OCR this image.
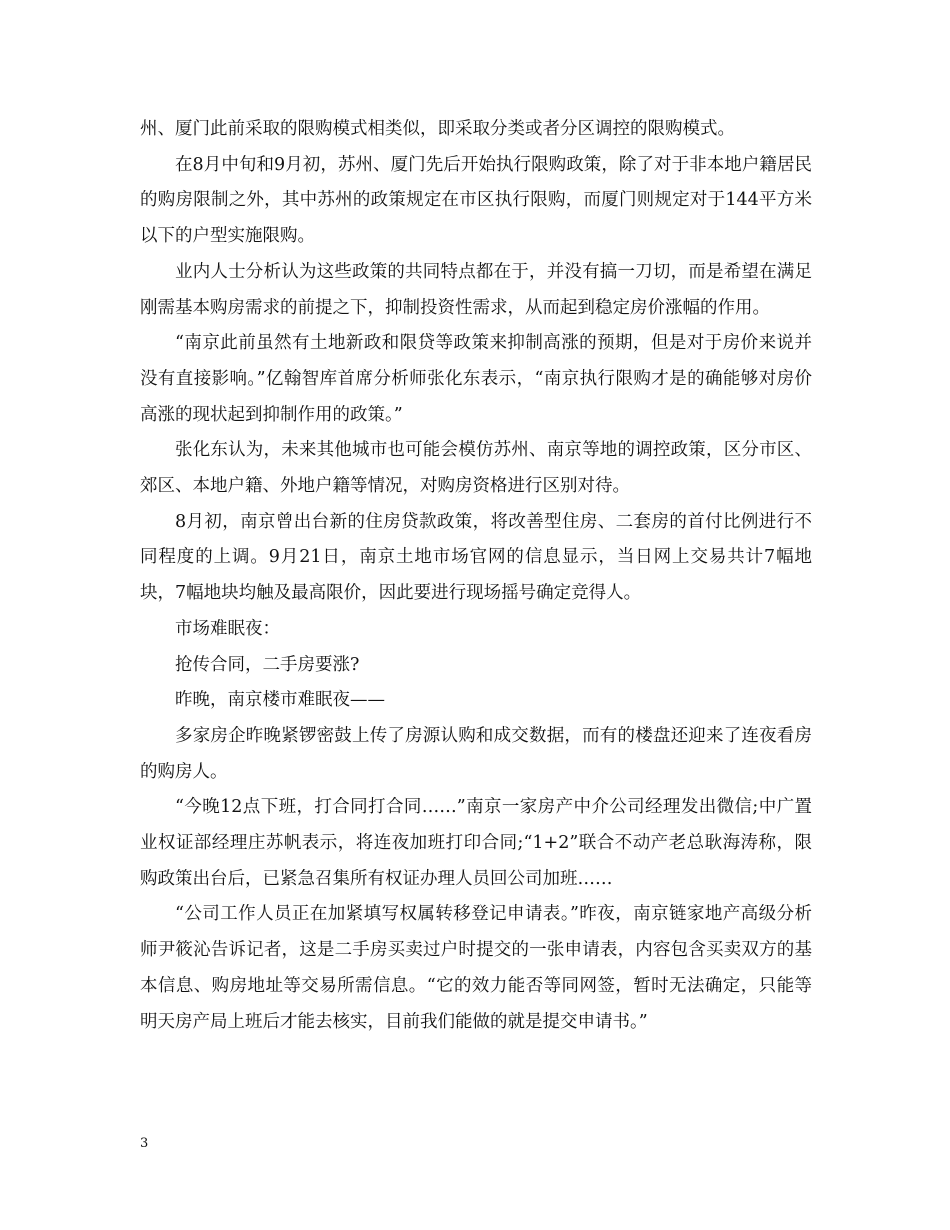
州、厦门此前采取的限购模式相类似，即采取分类或者分区调控的限购模式。

在8月中旬和9月初，苏州、厦门先后开始执行限购政策，除了对于非本地户籍居民的购房限制之外，其中苏州的政策规定在市区执行限购，而厦门则规定对于144平方米以下的户型实施限购。

业内人士分析认为这些政策的共同特点都在于，并没有搞一刀切，而是希望在满足刚需基本购房需求的前提之下，抑制投资性需求，从而起到稳定房价涨幅的作用。

“南京此前虽然有土地新政和限贷等政策来抑制高涨的预期，但是对于房价来说并没有直接影响。”亿翰智库首席分析师张化东表示，“南京执行限购才是的确能够对房价高涨的现状起到抑制作用的政策。”

张化东认为，未来其他城市也可能会模仿苏州、南京等地的调控政策，区分市区、郊区、本地户籍、外地户籍等情况，对购房资格进行区别对待。

8月初，南京曾出台新的住房贷款政策，将改善型住房、二套房的首付比例进行不同程度的上调。9月21日，南京土地市场官网的信息显示，当日网上交易共计7幅地块，7幅地块均触及最高限价，因此要进行现场摇号确定竞得人。

市场难眠夜：

抢传合同，二手房要涨?

昨晚，南京楼市难眠夜——

多家房企昨晚紧锣密鼓上传了房源认购和成交数据，而有的楼盘还迎来了连夜看房的购房人。

“今晚12点下班，打合同打合同……”南京一家房产中介公司经理发出微信;中广置业权证部经理庄苏帆表示，将连夜加班打印合同;“1+2”联合不动产老总耿海涛称，限购政策出台后，已紧急召集所有权证办理人员回公司加班……

“公司工作人员正在加紧填写权属转移登记申请表。”昨夜，南京链家地产高级分析师尹筱沁告诉记者，这是二手房买卖过户时提交的一张申请表，内容包含买卖双方的基本信息、购房地址等交易所需信息。“它的效力能否等同网签，暂时无法确定，只能等明天房产局上班后才能去核实，目前我们能做的就是提交申请书。”

3
